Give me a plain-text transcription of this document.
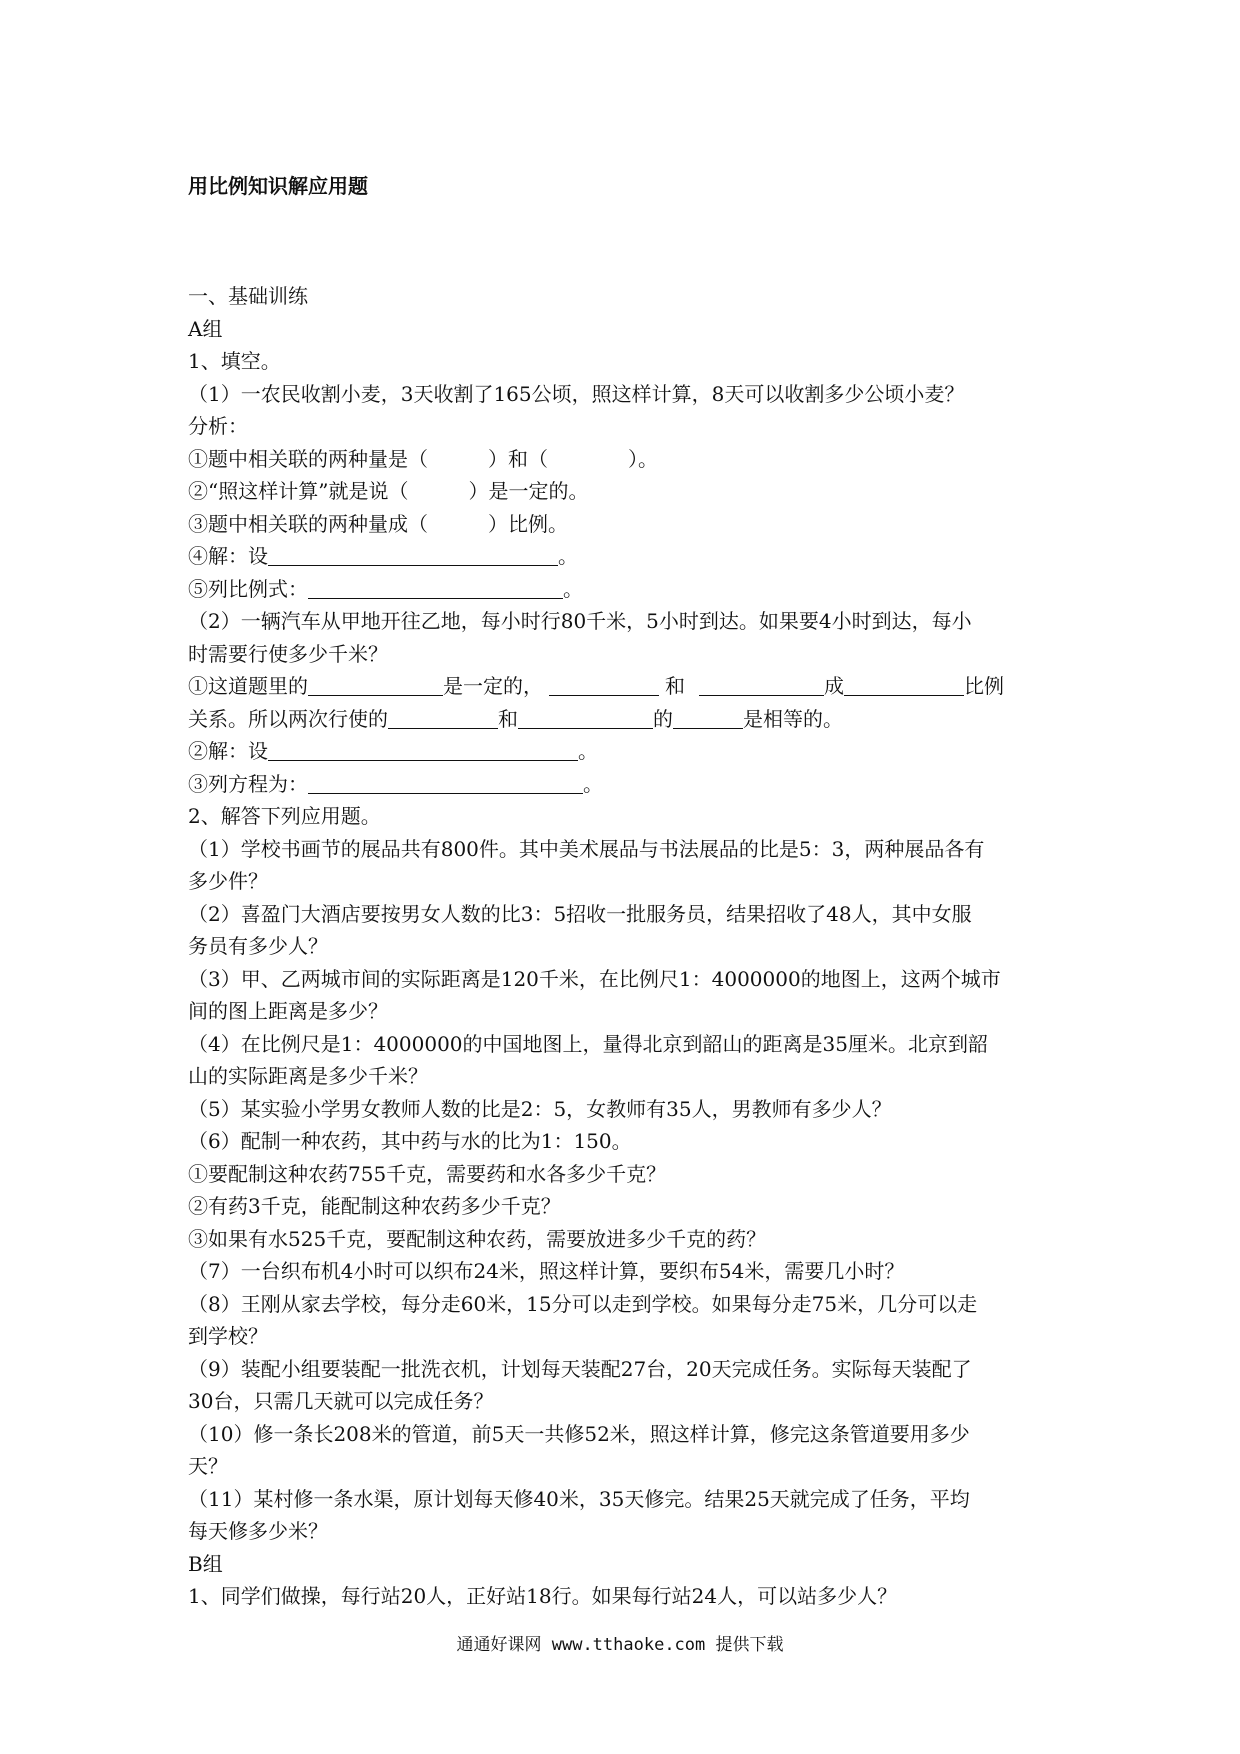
用比例知识解应用题
一、基础训练
A组
1、填空。
（1）一农民收割小麦，3天收割了165公顷，照这样计算，8天可以收割多少公顷小麦？
分析：
①题中相关联的两种量是（　　　）和（　　　　）。
②“照这样计算”就是说（　　　）是一定的。
③题中相关联的两种量成（　　　）比例。
④解：设	。
⑤列比例式：	。
（2）一辆汽车从甲地开往乙地，每小时行80千米，5小时到达。如果要4小时到达，每小
时需要行使多少千米？
①这道题里的	是一定的，	和	成	比例
关系。所以两次行使的	和	的	是相等的。
②解：设	。
③列方程为：	。
2、解答下列应用题。
（1）学校书画节的展品共有800件。其中美术展品与书法展品的比是5：3，两种展品各有
多少件？
（2）喜盈门大酒店要按男女人数的比3：5招收一批服务员，结果招收了48人，其中女服
务员有多少人？
（3）甲、乙两城市间的实际距离是120千米，在比例尺1：4000000的地图上，这两个城市
间的图上距离是多少？
（4）在比例尺是1：4000000的中国地图上，量得北京到韶山的距离是35厘米。北京到韶
山的实际距离是多少千米？
（5）某实验小学男女教师人数的比是2：5，女教师有35人，男教师有多少人？
（6）配制一种农药，其中药与水的比为1：150。
①要配制这种农药755千克，需要药和水各多少千克？
②有药3千克，能配制这种农药多少千克？
③如果有水525千克，要配制这种农药，需要放进多少千克的药？
（7）一台织布机4小时可以织布24米，照这样计算，要织布54米，需要几小时？
（8）王刚从家去学校，每分走60米，15分可以走到学校。如果每分走75米，几分可以走
到学校？
（9）装配小组要装配一批洗衣机，计划每天装配27台，20天完成任务。实际每天装配了
30台，只需几天就可以完成任务？
（10）修一条长208米的管道，前5天一共修52米，照这样计算，修完这条管道要用多少
天？
（11）某村修一条水渠，原计划每天修40米，35天修完。结果25天就完成了任务，平均
每天修多少米？
B组
1、同学们做操，每行站20人，正好站18行。如果每行站24人，可以站多少人？
通通好课网 www.tthaoke.com 提供下载
